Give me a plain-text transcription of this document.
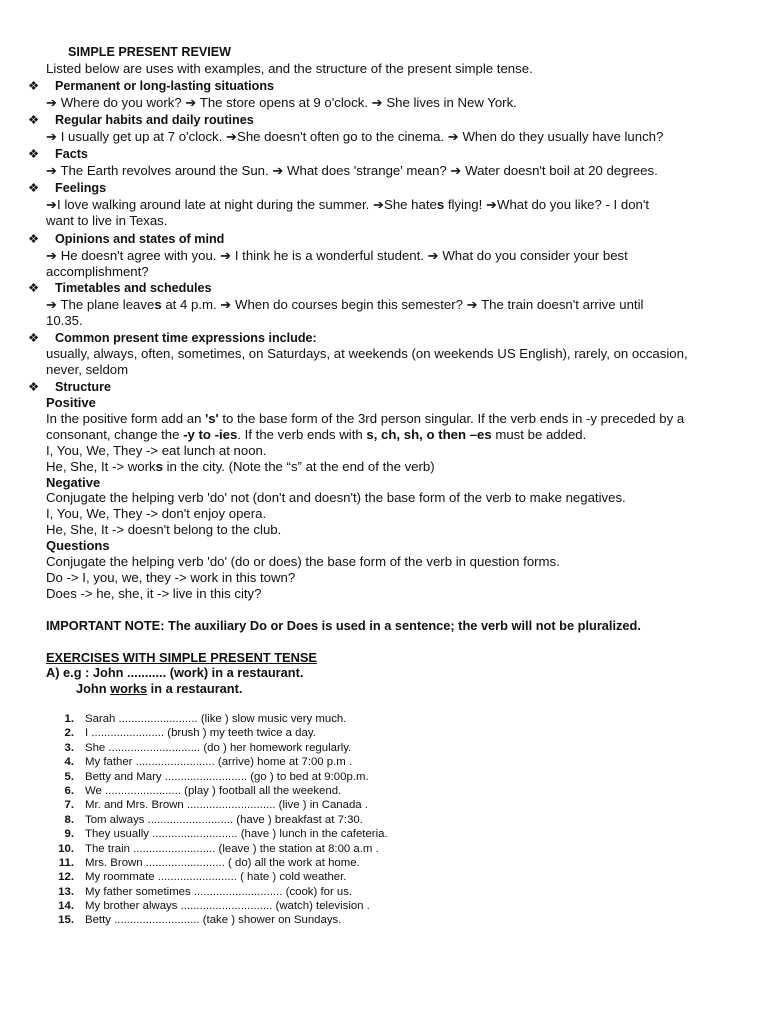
SIMPLE PRESENT REVIEW
Listed below are uses with examples, and the structure of the present simple tense.
❖ Permanent or long-lasting situations
➔ Where do you work? ➔ The store opens at 9 o'clock. ➔ She lives in New York.
❖ Regular habits and daily routines
➔ I usually get up at 7 o'clock. ➔She doesn't often go to the cinema. ➔ When do they usually have lunch?
❖ Facts
➔ The Earth revolves around the Sun. ➔ What does 'strange' mean? ➔ Water doesn't boil at 20 degrees.
❖ Feelings
➔I love walking around late at night during the summer. ➔She hates flying! ➔What do you like? - I don't
want to live in Texas.
❖ Opinions and states of mind
➔ He doesn't agree with you. ➔ I think he is a wonderful student. ➔ What do you consider your best
accomplishment?
❖ Timetables and schedules
➔ The plane leaves at 4 p.m. ➔ When do courses begin this semester? ➔ The train doesn't arrive until
10.35.
❖ Common present time expressions include:
usually, always, often, sometimes, on Saturdays, at weekends (on weekends US English), rarely, on occasion,
never, seldom
❖ Structure
Positive
In the positive form add an 's' to the base form of the 3rd person singular. If the verb ends in -y preceded by a
consonant, change the -y to -ies. If the verb ends with s, ch, sh, o then –es must be added.
I, You, We, They -> eat lunch at noon.
He, She, It -> works in the city. (Note the “s” at the end of the verb)
Negative
Conjugate the helping verb 'do' not (don't and doesn't) the base form of the verb to make negatives.
I, You, We, They -> don't enjoy opera.
He, She, It -> doesn't belong to the club.
Questions
Conjugate the helping verb 'do' (do or does) the base form of the verb in question forms.
Do -> I, you, we, they -> work in this town?
Does -> he, she, it -> live in this city?
IMPORTANT NOTE: The auxiliary Do or Does is used in a sentence; the verb will not be pluralized.
EXERCISES WITH SIMPLE PRESENT TENSE
A) e.g : John ........... (work) in a restaurant.
John works in a restaurant.
1. Sarah ......................... (like ) slow music very much.
2. I ....................... (brush ) my teeth twice a day.
3. She ............................. (do ) her homework regularly.
4. My father ......................... (arrive) home at 7:00 p.m .
5. Betty and Mary .......................... (go ) to bed at 9:00p.m.
6. We ........................ (play ) football all the weekend.
7. Mr. and Mrs. Brown ............................ (live ) in Canada .
8. Tom always ........................... (have ) breakfast at 7:30.
9. They usually ........................... (have ) lunch in the cafeteria.
10. The train .......................... (leave ) the station at 8:00 a.m .
11. Mrs. Brown ......................... ( do) all the work at home.
12. My roommate ......................... ( hate ) cold weather.
13. My father sometimes ............................ (cook) for us.
14. My brother always ............................. (watch) television .
15. Betty ........................... (take ) shower on Sundays.
